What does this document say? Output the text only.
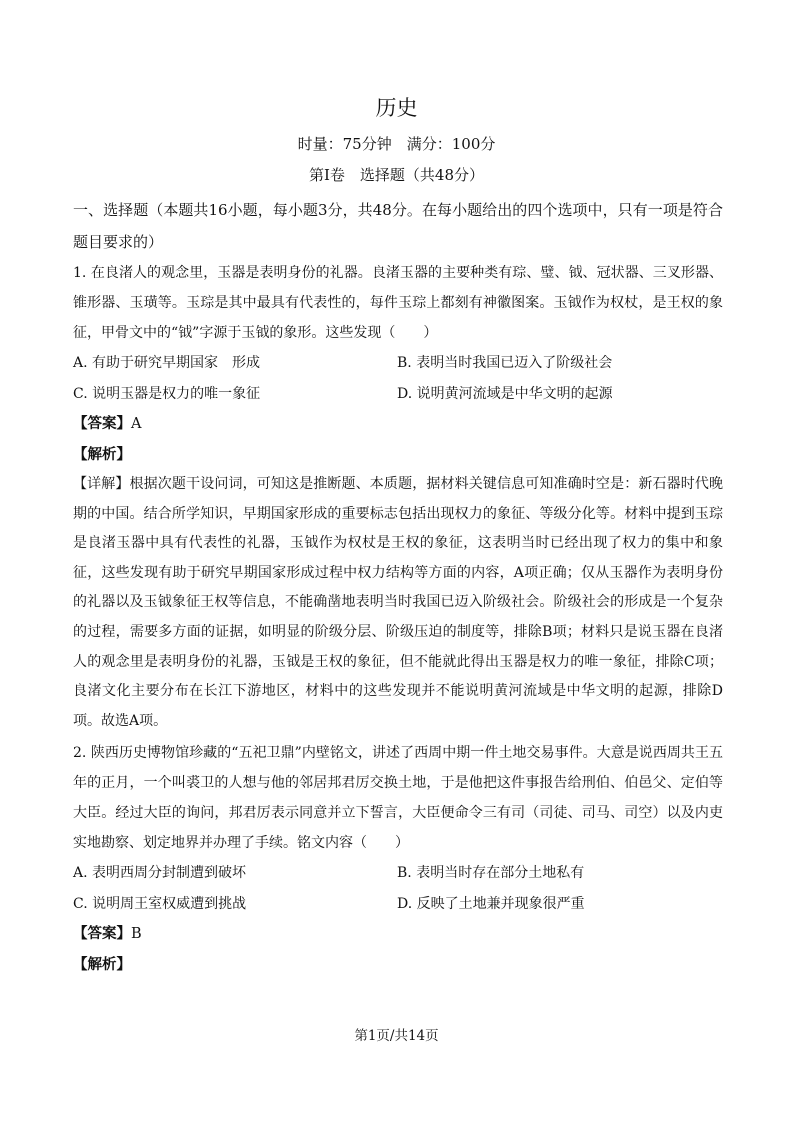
历史
时量：75分钟　满分：100分
第Ⅰ卷　选择题（共48分）

一、选择题（本题共16小题，每小题3分，共48分。在每小题给出的四个选项中，只有一项是符合题目要求的）

1. 在良渚人的观念里，玉器是表明身份的礼器。良渚玉器的主要种类有琮、璧、钺、冠状器、三叉形器、锥形器、玉璜等。玉琮是其中最具有代表性的，每件玉琮上都刻有神徽图案。玉钺作为权杖，是王权的象征，甲骨文中的“钺”字源于玉钺的象形。这些发现（　　）

A. 有助于研究早期国家　形成	B. 表明当时我国已迈入了阶级社会
C. 说明玉器是权力的唯一象征	D. 说明黄河流域是中华文明的起源

【答案】A

【解析】

【详解】根据次题干设问词，可知这是推断题、本质题，据材料关键信息可知准确时空是：新石器时代晚期的中国。结合所学知识，早期国家形成的重要标志包括出现权力的象征、等级分化等。材料中提到玉琮是良渚玉器中具有代表性的礼器，玉钺作为权杖是王权的象征，这表明当时已经出现了权力的集中和象征，这些发现有助于研究早期国家形成过程中权力结构等方面的内容，A项正确；仅从玉器作为表明身份的礼器以及玉钺象征王权等信息，不能确凿地表明当时我国已迈入阶级社会。阶级社会的形成是一个复杂的过程，需要多方面的证据，如明显的阶级分层、阶级压迫的制度等，排除B项；材料只是说玉器在良渚人的观念里是表明身份的礼器，玉钺是王权的象征，但不能就此得出玉器是权力的唯一象征，排除C项；良渚文化主要分布在长江下游地区，材料中的这些发现并不能说明黄河流域是中华文明的起源，排除D项。故选A项。

2. 陕西历史博物馆珍藏的“五祀卫鼎”内壁铭文，讲述了西周中期一件土地交易事件。大意是说西周共王五年的正月，一个叫裘卫的人想与他的邻居邦君厉交换土地，于是他把这件事报告给刑伯、伯邑父、定伯等大臣。经过大臣的询问，邦君厉表示同意并立下誓言，大臣便命令三有司（司徒、司马、司空）以及内吏实地勘察、划定地界并办理了手续。铭文内容（　　）

A. 表明西周分封制遭到破坏	B. 表明当时存在部分土地私有
C. 说明周王室权威遭到挑战	D. 反映了土地兼并现象很严重

【答案】B

【解析】

第1页/共14页
